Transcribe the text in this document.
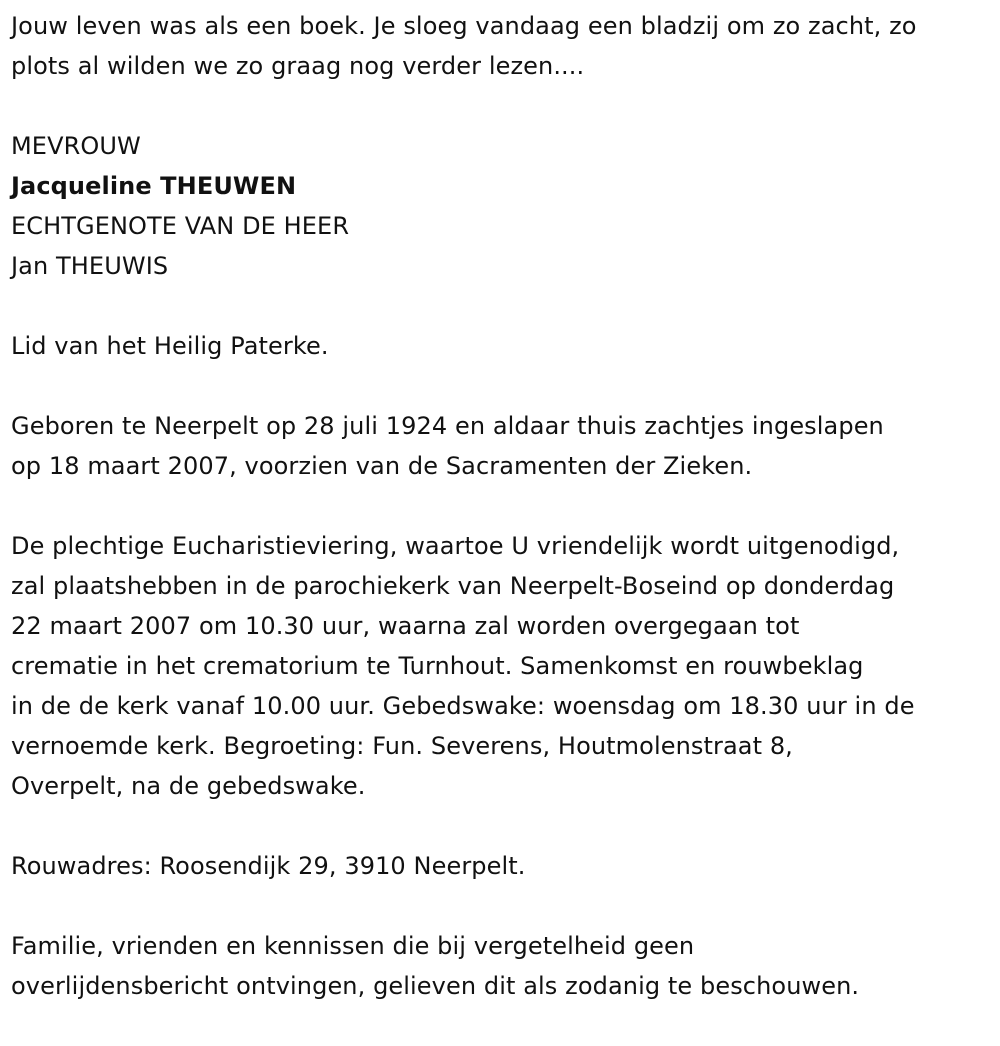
Jouw leven was als een boek. Je sloeg vandaag een bladzij om zo zacht, zo
plots al wilden we zo graag nog verder lezen....

MEVROUW
Jacqueline THEUWEN
ECHTGENOTE VAN DE HEER
Jan THEUWIS

Lid van het Heilig Paterke.

Geboren te Neerpelt op 28 juli 1924 en aldaar thuis zachtjes ingeslapen
op 18 maart 2007, voorzien van de Sacramenten der Zieken.

De plechtige Eucharistieviering, waartoe U vriendelijk wordt uitgenodigd,
zal plaatshebben in de parochiekerk van Neerpelt-Boseind op donderdag
22 maart 2007 om 10.30 uur, waarna zal worden overgegaan tot
crematie in het crematorium te Turnhout. Samenkomst en rouwbeklag
in de de kerk vanaf 10.00 uur. Gebedswake: woensdag om 18.30 uur in de
vernoemde kerk. Begroeting: Fun. Severens, Houtmolenstraat 8,
Overpelt, na de gebedswake.

Rouwadres: Roosendijk 29, 3910 Neerpelt.

Familie, vrienden en kennissen die bij vergetelheid geen
overlijdensbericht ontvingen, gelieven dit als zodanig te beschouwen.
